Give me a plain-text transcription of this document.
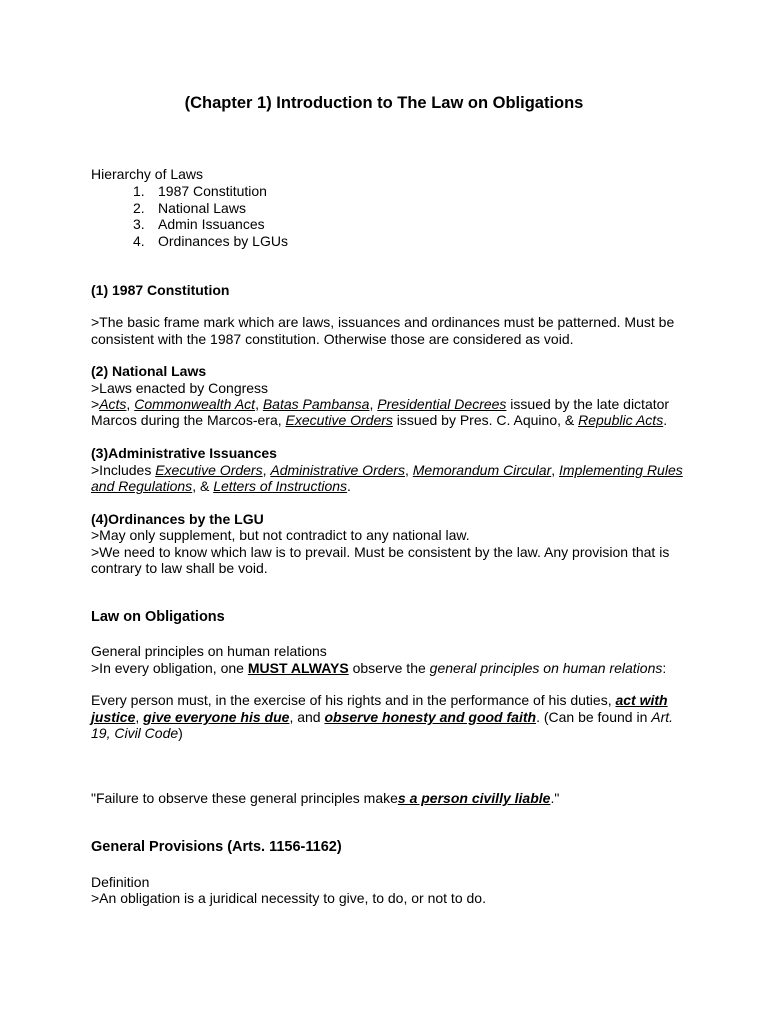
(Chapter 1) Introduction to The Law on Obligations
Hierarchy of Laws
1. 1987 Constitution
2. National Laws
3. Admin Issuances
4. Ordinances by LGUs
(1) 1987 Constitution
>The basic frame mark which are laws, issuances and ordinances must be patterned. Must be
consistent with the 1987 constitution. Otherwise those are considered as void.
(2) National Laws
>Laws enacted by Congress
>Acts, Commonwealth Act, Batas Pambansa, Presidential Decrees issued by the late dictator
Marcos during the Marcos-era, Executive Orders issued by Pres. C. Aquino, & Republic Acts.
(3)Administrative Issuances
>Includes Executive Orders, Administrative Orders, Memorandum Circular, Implementing Rules
and Regulations, & Letters of Instructions.
(4)Ordinances by the LGU
>May only supplement, but not contradict to any national law.
>We need to know which law is to prevail. Must be consistent by the law. Any provision that is
contrary to law shall be void.
Law on Obligations
General principles on human relations
>In every obligation, one MUST ALWAYS observe the general principles on human relations:
Every person must, in the exercise of his rights and in the performance of his duties, act with
justice, give everyone his due, and observe honesty and good faith. (Can be found in Art.
19, Civil Code)
"Failure to observe these general principles makes a person civilly liable."
General Provisions (Arts. 1156-1162)
Definition
>An obligation is a juridical necessity to give, to do, or not to do.
